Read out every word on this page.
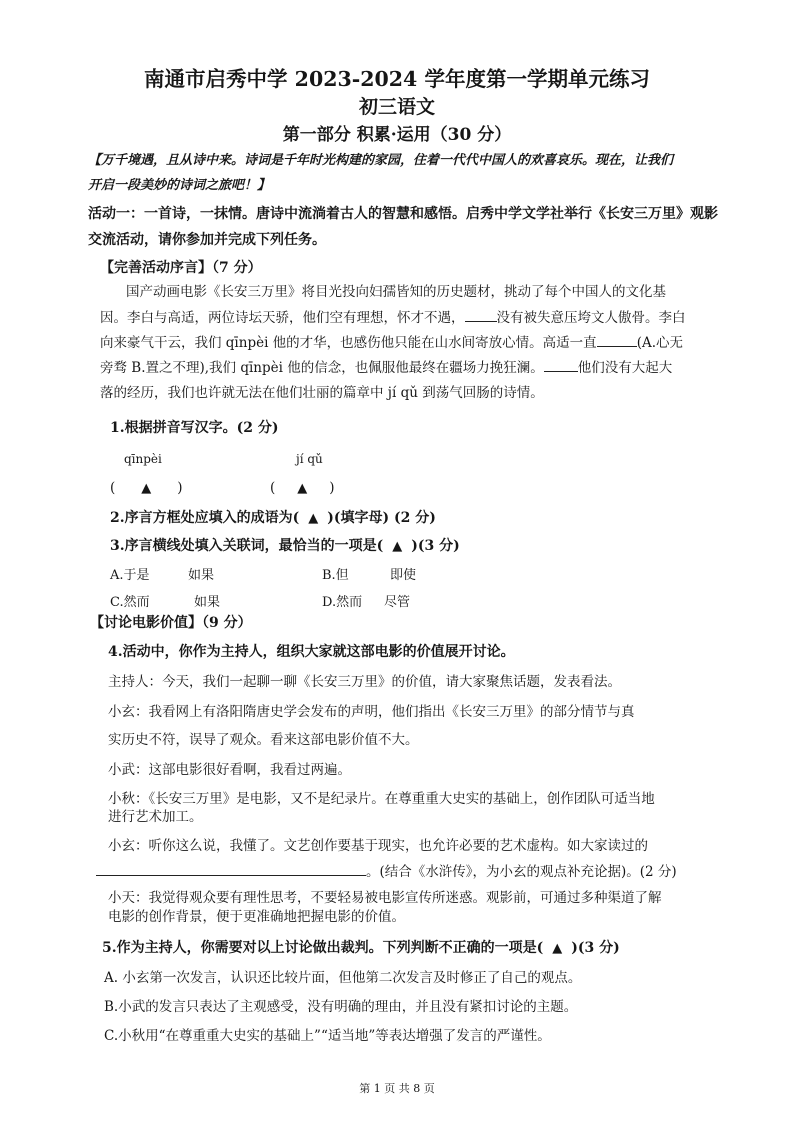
南通市启秀中学 2023-2024 学年度第一学期单元练习
初三语文
第一部分 积累·运用（30 分）
【万千境遇，且从诗中来。诗词是千年时光构建的家园，住着一代代中国人的欢喜哀乐。现在，让我们
开启一段美妙的诗词之旅吧！】
活动一：一首诗，一抹情。唐诗中流淌着古人的智慧和感悟。启秀中学文学社举行《长安三万里》观影
交流活动，请你参加并完成下列任务。
【完善活动序言】（7 分）
国产动画电影《长安三万里》将目光投向妇孺皆知的历史题材，挑动了每个中国人的文化基
因。李白与高适，两位诗坛天骄，他们空有理想，怀才不遇， 没有被失意压垮文人傲骨。李白
向来豪气干云，我们 qīnpèi 他的才华，也感伤他只能在山水间寄放心情。高适一直	(A.心无
旁骛 B.置之不理),我们 qīnpèi 他的信念，也佩服他最终在疆场力挽狂澜。	他们没有大起大
落的经历，我们也许就无法在他们壮丽的篇章中 jí qǔ 到荡气回肠的诗情。
1.根据拼音写汉字。(2 分)
qīnpèi	jí qǔ
( ▲ )	( ▲ )
2.序言方框处应填入的成语为( ▲ )(填字母) (2 分)
3.序言横线处填入关联词，最恰当的一项是( ▲ )(3 分)
A.于是	如果	B.但	即使
C.然而	如果	D.然而 尽管
【讨论电影价值】（9 分）
4.活动中，你作为主持人，组织大家就这部电影的价值展开讨论。
主持人：今天，我们一起聊一聊《长安三万里》的价值，请大家聚焦话题，发表看法。
小玄：我看网上有洛阳隋唐史学会发布的声明，他们指出《长安三万里》的部分情节与真
实历史不符，误导了观众。看来这部电影价值不大。
小武：这部电影很好看啊，我看过两遍。
小秋：《长安三万里》是电影，又不是纪录片。在尊重重大史实的基础上，创作团队可适当地
进行艺术加工。
小玄：听你这么说，我懂了。文艺创作要基于现实，也允许必要的艺术虚构。如大家读过的
。(结合《水浒传》，为小玄的观点补充论据)。(2 分)
小天：我觉得观众要有理性思考，不要轻易被电影宣传所迷惑。观影前，可通过多种渠道了解
电影的创作背景，便于更准确地把握电影的价值。
5.作为主持人，你需要对以上讨论做出裁判。下列判断不正确的一项是( ▲ )(3 分)
A. 小玄第一次发言，认识还比较片面，但他第二次发言及时修正了自己的观点。
B.小武的发言只表达了主观感受，没有明确的理由，并且没有紧扣讨论的主题。
C.小秋用“在尊重重大史实的基础上”“适当地”等表达增强了发言的严谨性。
第 1 页 共 8 页
